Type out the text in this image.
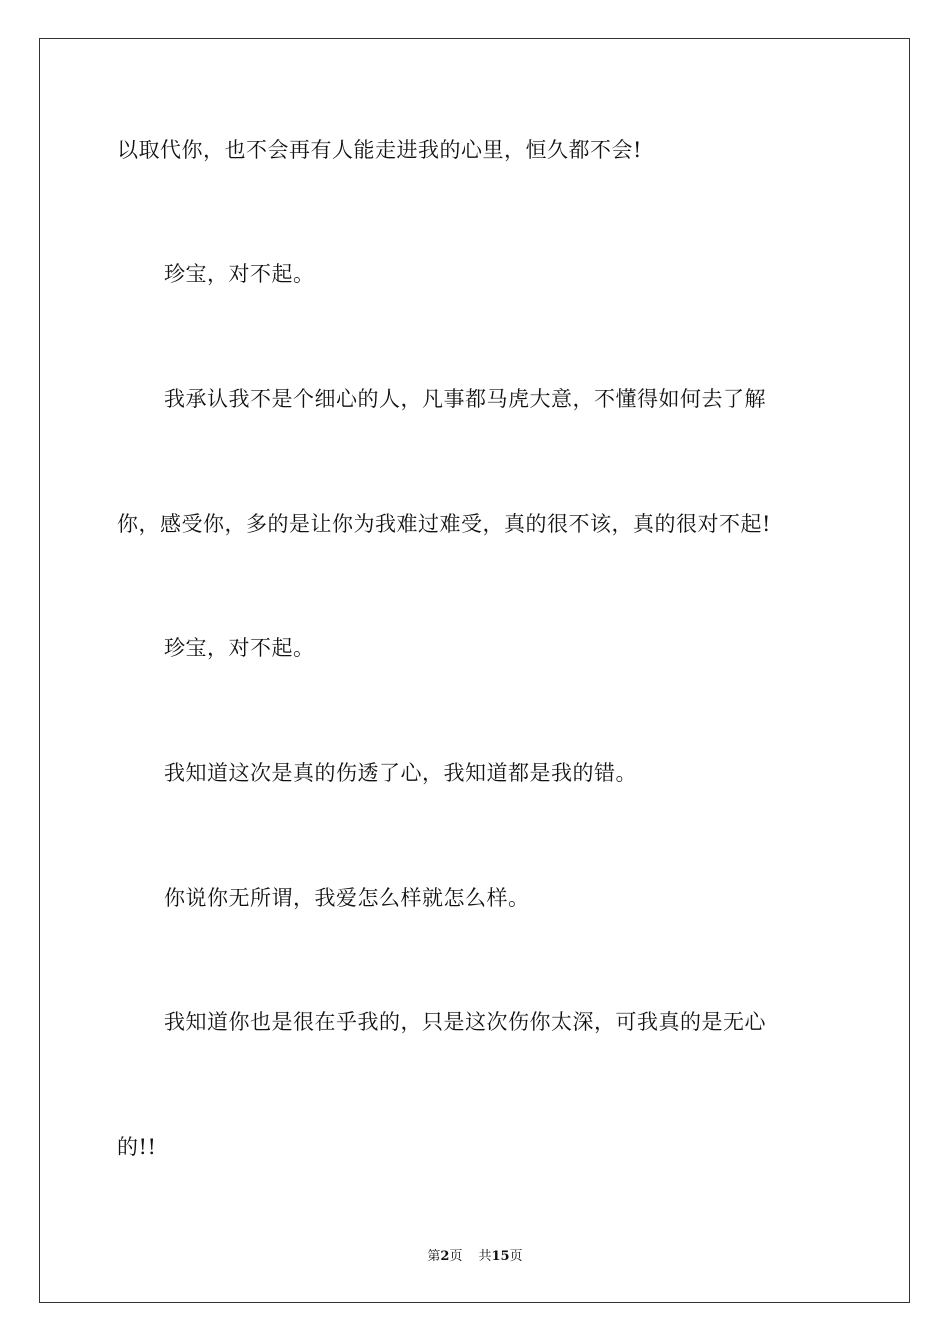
以取代你，也不会再有人能走进我的心里，恒久都不会!
珍宝，对不起。
我承认我不是个细心的人，凡事都马虎大意，不懂得如何去了解
你，感受你，多的是让你为我难过难受，真的很不该，真的很对不起!
珍宝，对不起。
我知道这次是真的伤透了心，我知道都是我的错。
你说你无所谓，我爱怎么样就怎么样。
我知道你也是很在乎我的，只是这次伤你太深，可我真的是无心
的!!
第2页 共15页
